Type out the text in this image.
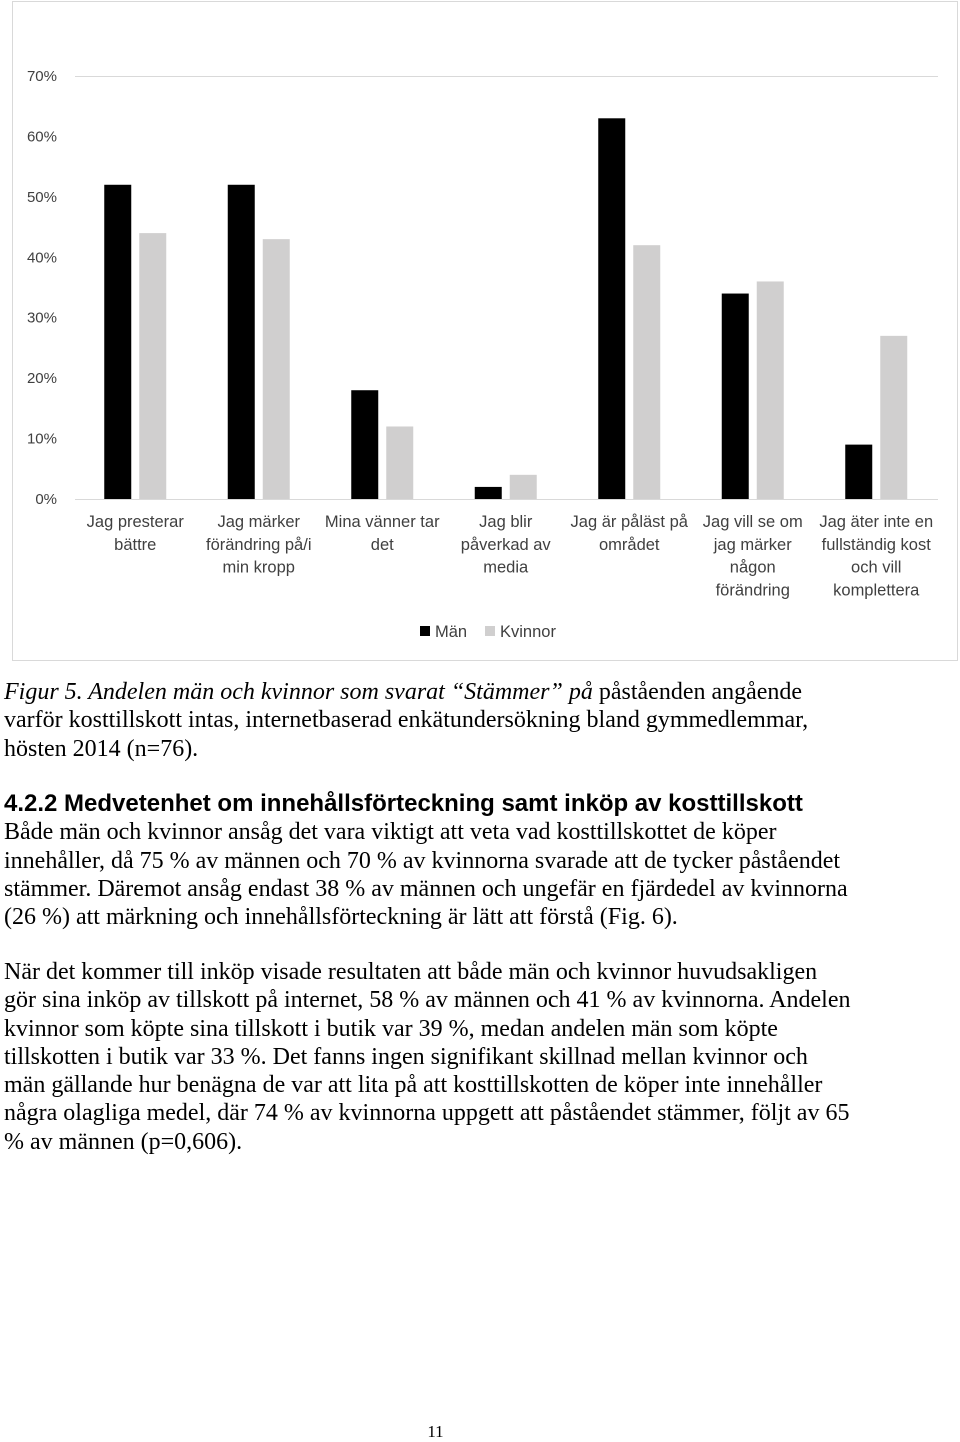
0%
10%
20%
30%
40%
50%
60%
70%
Jag presterar
bättre
Jag märker
förändring på/i
min kropp
Mina vänner tar
det
Jag blir
påverkad av
media
Jag är påläst på
området
Jag vill se om
jag märker
någon
förändring
Jag äter inte en
fullständig kost
och vill
komplettera
Män Kvinnor
Figur 5. Andelen män och kvinnor som svarat “Stämmer” på påståenden angående
varför kosttillskott intas, internetbaserad enkätundersökning bland gymmedlemmar,
hösten 2014 (n=76).
4.2.2 Medvetenhet om innehållsförteckning samt inköp av kosttillskott
Både män och kvinnor ansåg det vara viktigt att veta vad kosttillskottet de köper
innehåller, då 75 % av männen och 70 % av kvinnorna svarade att de tycker påståendet
stämmer. Däremot ansåg endast 38 % av männen och ungefär en fjärdedel av kvinnorna
(26 %) att märkning och innehållsförteckning är lätt att förstå (Fig. 6).
När det kommer till inköp visade resultaten att både män och kvinnor huvudsakligen
gör sina inköp av tillskott på internet, 58 % av männen och 41 % av kvinnorna. Andelen
kvinnor som köpte sina tillskott i butik var 39 %, medan andelen män som köpte
tillskotten i butik var 33 %. Det fanns ingen signifikant skillnad mellan kvinnor och
män gällande hur benägna de var att lita på att kosttillskotten de köper inte innehåller
några olagliga medel, där 74 % av kvinnorna uppgett att påståendet stämmer, följt av 65
% av männen (p=0,606).
11
